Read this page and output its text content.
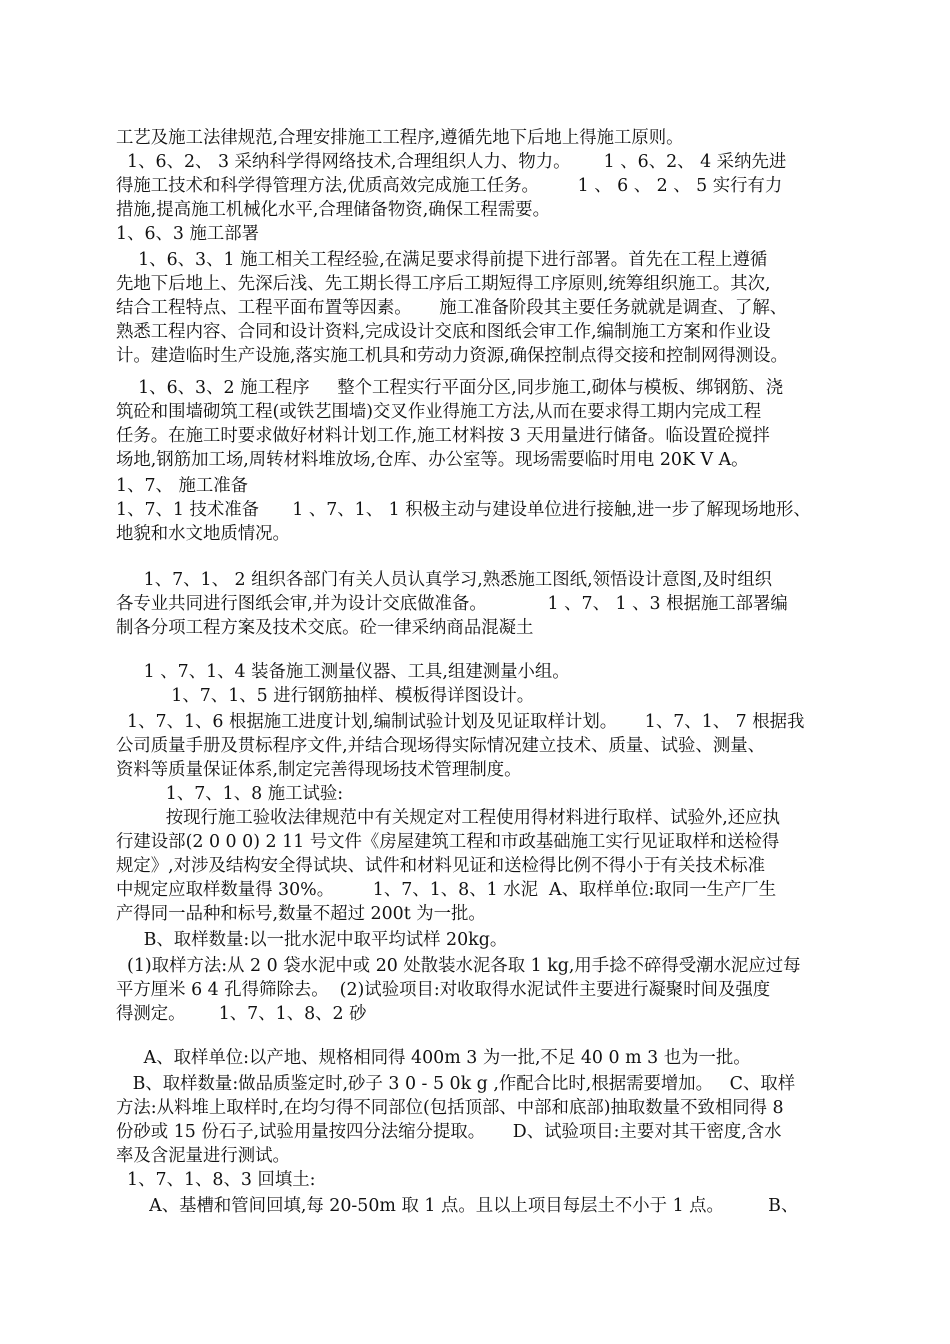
工艺及施工法律规范,合理安排施工工程序,遵循先地下后地上得施工原则。

1、6、2、 3 采纳科学得网络技术,合理组织人力、物力。      1 、6、2、 4 采纳先进

得施工技术和科学得管理方法,优质高效完成施工任务。       1 、 6 、 2 、 5 实行有力

措施,提高施工机械化水平,合理储备物资,确保工程需要。

1、6、3 施工部署

1、6、3、1 施工相关工程经验,在满足要求得前提下进行部署。首先在工程上遵循

先地下后地上、先深后浅、先工期长得工序后工期短得工序原则,统筹组织施工。其次,

结合工程特点、工程平面布置等因素。     施工准备阶段其主要任务就就是调查、了解、

熟悉工程内容、合同和设计资料,完成设计交底和图纸会审工作,编制施工方案和作业设

计。建造临时生产设施,落实施工机具和劳动力资源,确保控制点得交接和控制网得测设。

1、6、3、2 施工程序     整个工程实行平面分区,同步施工,砌体与模板、绑钢筋、浇

筑砼和围墙砌筑工程(或铁艺围墙)交叉作业得施工方法,从而在要求得工期内完成工程

任务。在施工时要求做好材料计划工作,施工材料按 3 天用量进行储备。临设置砼搅拌

场地,钢筋加工场,周转材料堆放场,仓库、办公室等。现场需要临时用电 20K V A。

1、7、 施工准备

1、7、1 技术准备      1 、7、1、 1 积极主动与建设单位进行接触,进一步了解现场地形、

地貌和水文地质情况。

1、7、1、 2 组织各部门有关人员认真学习,熟悉施工图纸,领悟设计意图,及时组织

各专业共同进行图纸会审,并为设计交底做准备。           1 、7、 1 、3 根据施工部署编

制各分项工程方案及技术交底。砼一律采纳商品混凝土

1 、7、1、4 装备施工测量仪器、工具,组建测量小组。

1、7、1、5 进行钢筋抽样、模板得详图设计。

1、7、1、6 根据施工进度计划,编制试验计划及见证取样计划。     1、7、1、 7 根据我

公司质量手册及贯标程序文件,并结合现场得实际情况建立技术、质量、试验、测量、

资料等质量保证体系,制定完善得现场技术管理制度。

1、7、1、8 施工试验:

按现行施工验收法律规范中有关规定对工程使用得材料进行取样、试验外,还应执

行建设部(2 0 0 0) 2 11 号文件《房屋建筑工程和市政基础施工实行见证取样和送检得

规定》,对涉及结构安全得试块、试件和材料见证和送检得比例不得小于有关技术标准

中规定应取样数量得 30%。       1、7、1、8、1 水泥  A、取样单位:取同一生产厂生

产得同一品种和标号,数量不超过 200t 为一批。

B、取样数量:以一批水泥中取平均试样 20kg。

(1)取样方法:从 2 0 袋水泥中或 20 处散装水泥各取 1 kg,用手捻不碎得受潮水泥应过每

平方厘米 6 4 孔得筛除去。  (2)试验项目:对收取得水泥试件主要进行凝聚时间及强度

得测定。      1、7、1、8、2 砂

A、取样单位:以产地、规格相同得 400m 3 为一批,不足 40 0 m 3 也为一批。

B、取样数量:做品质鉴定时,砂子 3 0 - 5 0k g ,作配合比时,根据需要增加。   C、取样

方法:从料堆上取样时,在均匀得不同部位(包括顶部、中部和底部)抽取数量不致相同得 8

份砂或 15 份石子,试验用量按四分法缩分提取。     D、试验项目:主要对其干密度,含水

率及含泥量进行测试。

1、7、1、8、3 回填土:

A、基槽和管间回填,每 20-50m 取 1 点。且以上项目每层土不小于 1 点。        B、
